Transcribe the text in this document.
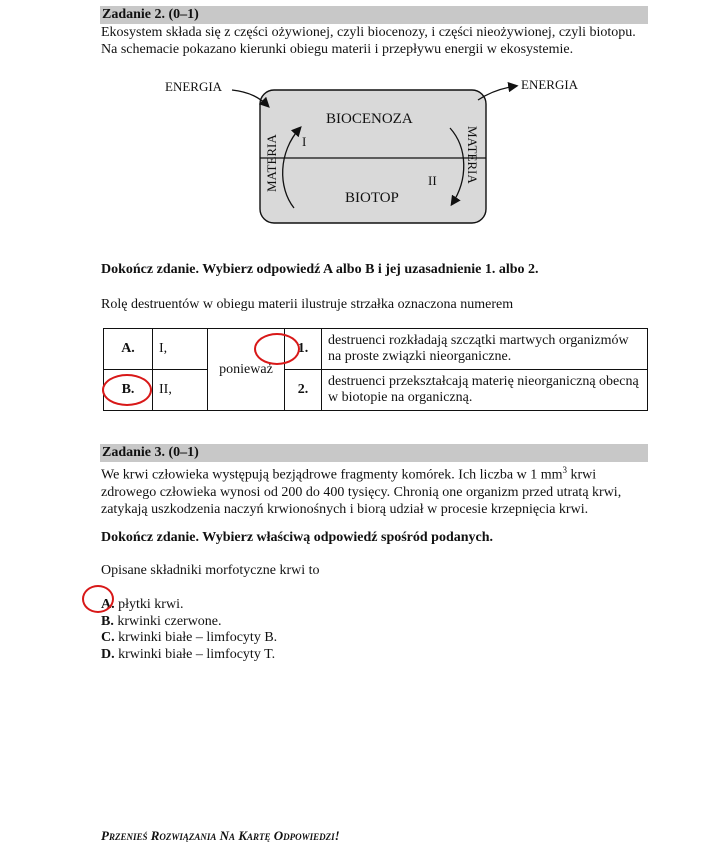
Zadanie 2. (0–1)
Ekosystem składa się z części ożywionej, czyli biocenozy, i części nieożywionej, czyli biotopu.
Na schemacie pokazano kierunki obiegu materii i przepływu energii w ekosystemie.
ENERGIA	ENERGIA
BIOCENOZA
BIOTOP
I
II
MATERIA	MATERIA
Dokończ zdanie. Wybierz odpowiedź A albo B i jej uzasadnienie 1. albo 2.
Rolę destruentów w obiegu materii ilustruje strzałka oznaczona numerem
A.	I,	ponieważ	1.	destruenci rozkładają szczątki martwych organizmów na proste związki nieorganiczne.
B.	II,		2.	destruenci przekształcają materię nieorganiczną obecną w biotopie na organiczną.
Zadanie 3. (0–1)
We krwi człowieka występują bezjądrowe fragmenty komórek. Ich liczba w 1 $mm^3$ krwi
zdrowego człowieka wynosi od 200 do 400 tysięcy. Chronią one organizm przed utratą krwi,
zatykają uszkodzenia naczyń krwionośnych i biorą udział w procesie krzepnięcia krwi.
Dokończ zdanie. Wybierz właściwą odpowiedź spośród podanych.
Opisane składniki morfotyczne krwi to
A. płytki krwi.
B. krwinki czerwone.
C. krwinki białe – limfocyty B.
D. krwinki białe – limfocyty T.
Przenieś Rozwiązania Na Kartę Odpowiedzi!
